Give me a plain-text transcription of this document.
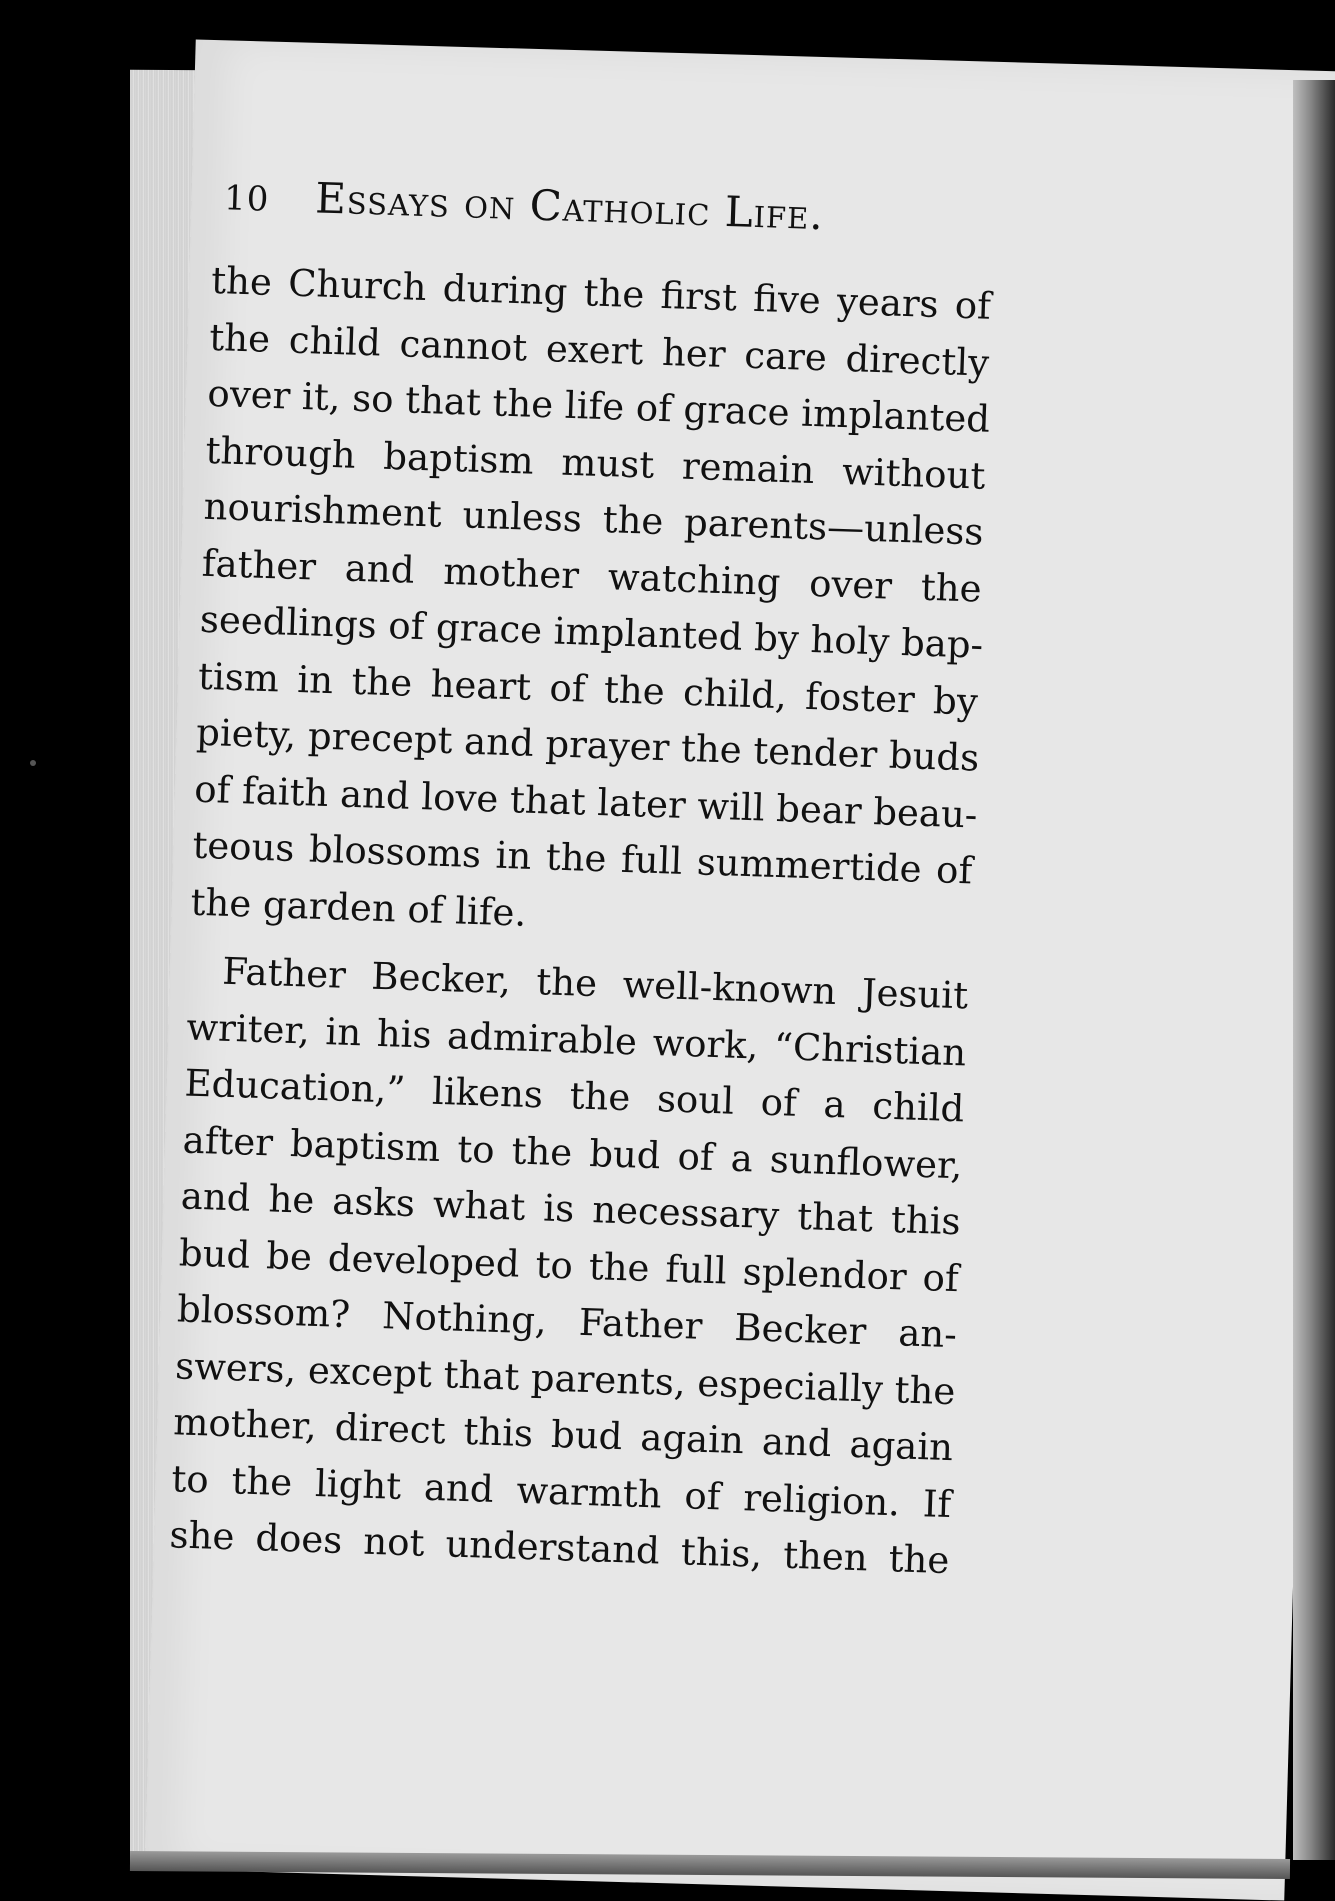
10 Essays on Catholic Life.

the Church during the first five years of
the child cannot exert her care directly
over it, so that the life of grace implanted
through baptism must remain without
nourishment unless the parents—unless
father and mother watching over the
seedlings of grace implanted by holy bap-
tism in the heart of the child, foster by
piety, precept and prayer the tender buds
of faith and love that later will bear beau-
teous blossoms in the full summertide of
the garden of life.

Father Becker, the well-known Jesuit
writer, in his admirable work, “Christian
Education,” likens the soul of a child
after baptism to the bud of a sunflower,
and he asks what is necessary that this
bud be developed to the full splendor of
blossom? Nothing, Father Becker an-
swers, except that parents, especially the
mother, direct this bud again and again
to the light and warmth of religion. If
she does not understand this, then the
